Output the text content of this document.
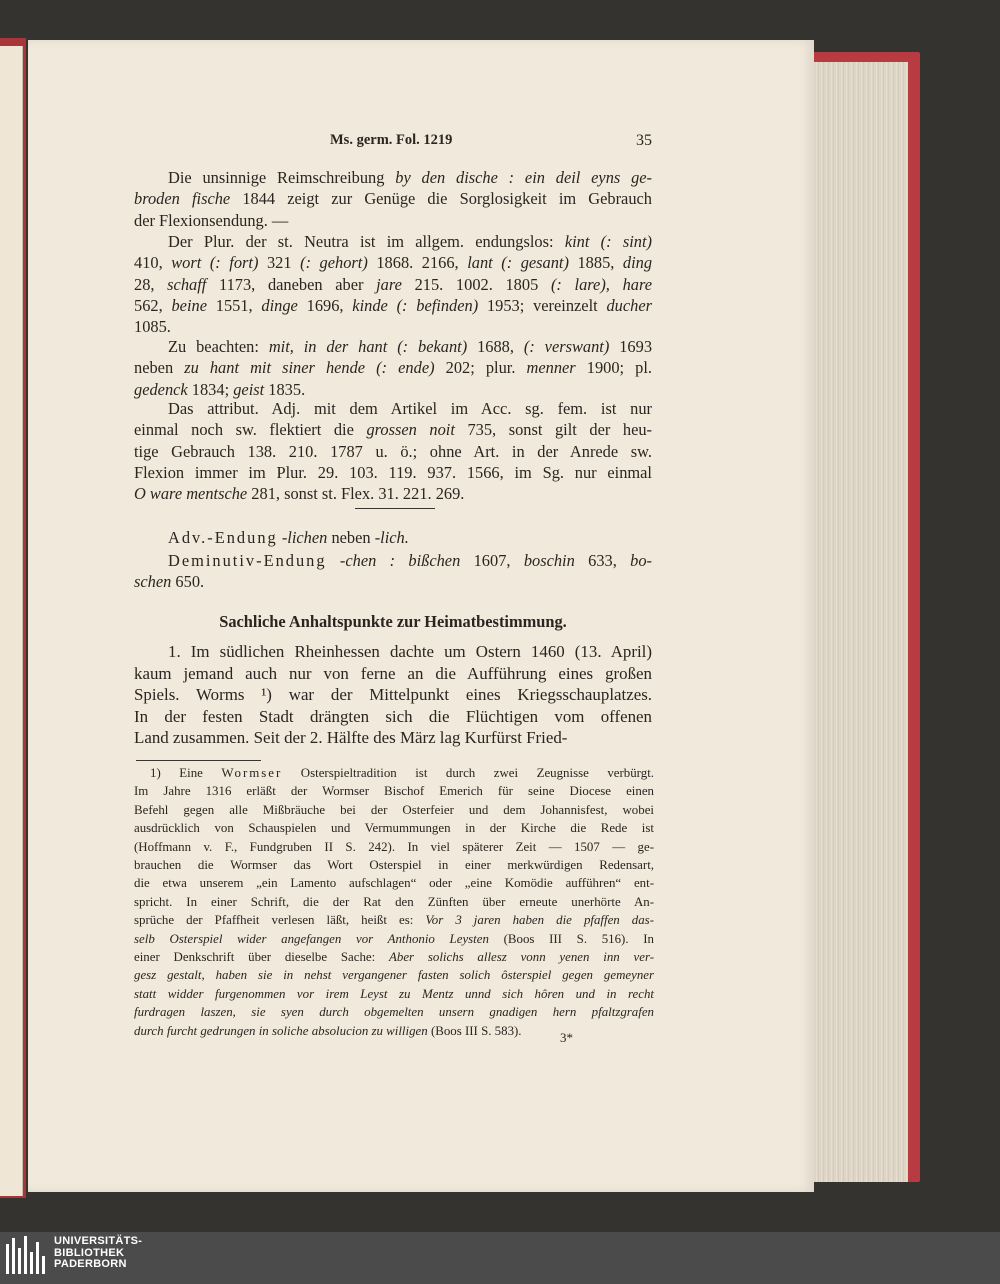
Ms. germ. Fol. 1219	35
Die unsinnige Reimschreibung by den dische : ein deil eyns ge-
broden fische 1844 zeigt zur Genüge die Sorglosigkeit im Gebrauch
der Flexionsendung. —
Der Plur. der st. Neutra ist im allgem. endungslos: kint (: sint)
410, wort (: fort) 321 (: gehort) 1868. 2166, lant (: gesant) 1885, ding
28, schaff 1173, daneben aber jare 215. 1002. 1805 (: lare), hare
562, beine 1551, dinge 1696, kinde (: befinden) 1953; vereinzelt ducher
1085.
Zu beachten: mit, in der hant (: bekant) 1688, (: verswant) 1693
neben zu hant mit siner hende (: ende) 202; plur. menner 1900; pl.
gedenck 1834; geist 1835.
Das attribut. Adj. mit dem Artikel im Acc. sg. fem. ist nur
einmal noch sw. flektiert die grossen noit 735, sonst gilt der heu-
tige Gebrauch 138. 210. 1787 u. ö.; ohne Art. in der Anrede sw.
Flexion immer im Plur. 29. 103. 119. 937. 1566, im Sg. nur einmal
O ware mentsche 281, sonst st. Flex. 31. 221. 269.
Adv.-Endung -lichen neben -lich.
Deminutiv-Endung -chen : bißchen 1607, boschin 633, bo-
schen 650.
Sachliche Anhaltspunkte zur Heimatbestimmung.
1. Im südlichen Rheinhessen dachte um Ostern 1460 (13. April)
kaum jemand auch nur von ferne an die Aufführung eines großen
Spiels. Worms ¹) war der Mittelpunkt eines Kriegsschauplatzes.
In der festen Stadt drängten sich die Flüchtigen vom offenen
Land zusammen. Seit der 2. Hälfte des März lag Kurfürst Fried-
1) Eine Wormser Osterspieltradition ist durch zwei Zeugnisse verbürgt.
Im Jahre 1316 erläßt der Wormser Bischof Emerich für seine Diocese einen
Befehl gegen alle Mißbräuche bei der Osterfeier und dem Johannisfest, wobei
ausdrücklich von Schauspielen und Vermummungen in der Kirche die Rede ist
(Hoffmann v. F., Fundgruben II S. 242). In viel späterer Zeit — 1507 — ge-
brauchen die Wormser das Wort Osterspiel in einer merkwürdigen Redensart,
die etwa unserem „ein Lamento aufschlagen“ oder „eine Komödie aufführen“ ent-
spricht. In einer Schrift, die der Rat den Zünften über erneute unerhörte An-
sprüche der Pfaffheit verlesen läßt, heißt es: Vor 3 jaren haben die pfaffen das-
selb Osterspiel wider angefangen vor Anthonio Leysten (Boos III S. 516). In
einer Denkschrift über dieselbe Sache: Aber solichs allesz vonn yenen inn ver-
gesz gestalt, haben sie in nehst vergangener fasten solich ôsterspiel gegen gemeyner
statt widder furgenommen vor irem Leyst zu Mentz unnd sich hôren und in recht
furdragen laszen, sie syen durch obgemelten unsern gnadigen hern pfaltzgrafen
durch furcht gedrungen in soliche absolucion zu willigen (Boos III S. 583).	3*
UNIVERSITÄTS-
BIBLIOTHEK
PADERBORN
